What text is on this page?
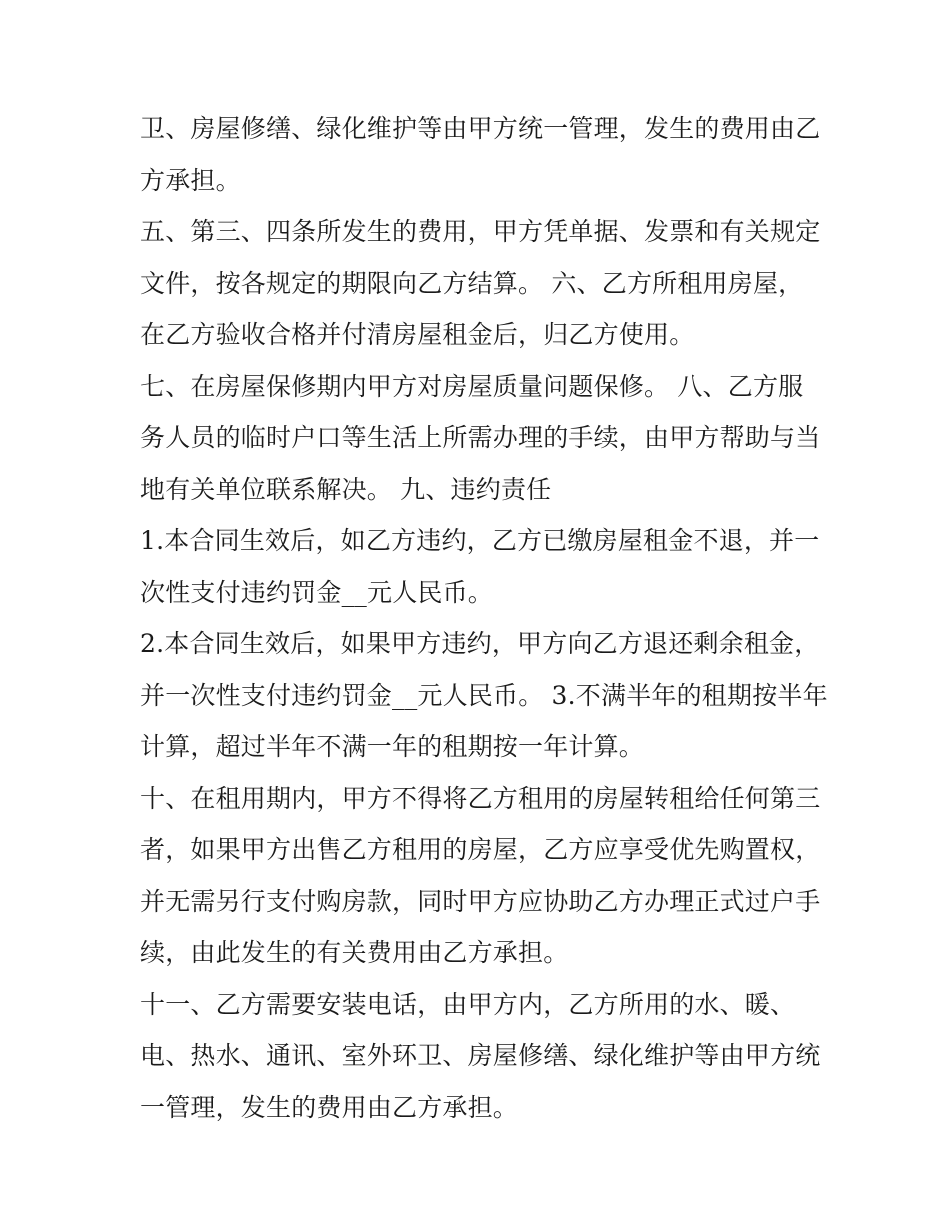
卫、房屋修缮、绿化维护等由甲方统一管理，发生的费用由乙
方承担。
五、第三、四条所发生的费用，甲方凭单据、发票和有关规定
文件，按各规定的期限向乙方结算。 六、乙方所租用房屋，
在乙方验收合格并付清房屋租金后，归乙方使用。
七、在房屋保修期内甲方对房屋质量问题保修。 八、乙方服
务人员的临时户口等生活上所需办理的手续，由甲方帮助与当
地有关单位联系解决。 九、违约责任
1.本合同生效后，如乙方违约，乙方已缴房屋租金不退，并一
次性支付违约罚金__元人民币。
2.本合同生效后，如果甲方违约，甲方向乙方退还剩余租金，
并一次性支付违约罚金__元人民币。 3.不满半年的租期按半年
计算，超过半年不满一年的租期按一年计算。
十、在租用期内，甲方不得将乙方租用的房屋转租给任何第三
者，如果甲方出售乙方租用的房屋，乙方应享受优先购置权，
并无需另行支付购房款，同时甲方应协助乙方办理正式过户手
续，由此发生的有关费用由乙方承担。
十一、乙方需要安装电话，由甲方内，乙方所用的水、暖、
电、热水、通讯、室外环卫、房屋修缮、绿化维护等由甲方统
一管理，发生的费用由乙方承担。
